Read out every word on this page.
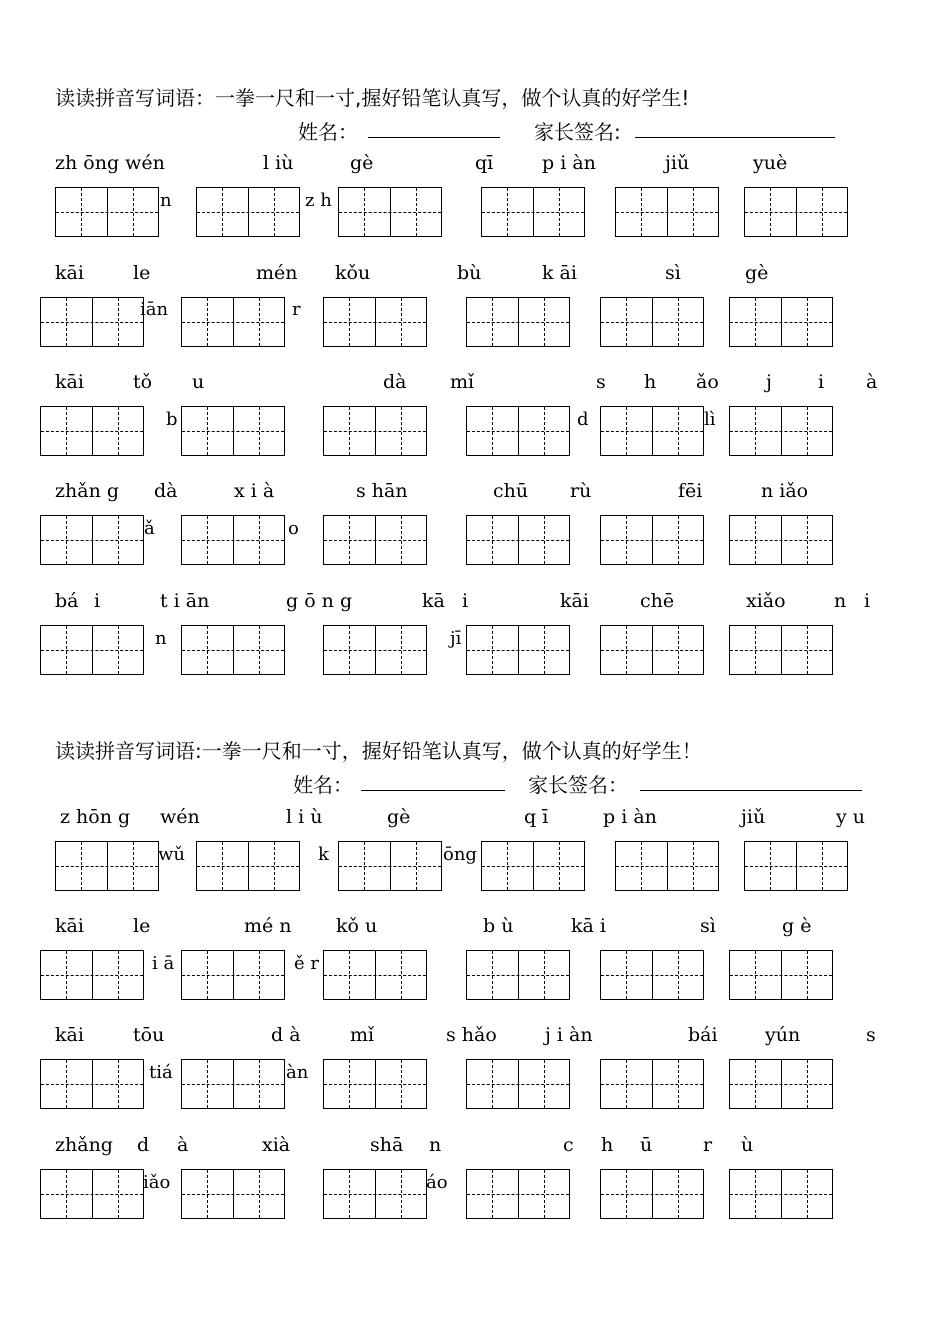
读读拼音写词语：一拳一尺和一寸,握好铅笔认真写，做个认真的好学生!
姓名：	家长签名:
zh ōng wén	l iù	gè	qī	p i àn	jiǔ	yuè
n	z h
kāi	le	mén kǒu	bù	k āi	sì	gè
iān	r
kāi	tǒ u	dà mǐ	s h ǎo j i à
b	d	lì
zhǎn g dà	x i à	s hān	chū rù	fēi	n iǎo
ǎ	o
bá i	t i ān	g ō n g	kā i	kāi	chē	xiǎo	n i
n	jī
读读拼音写词语:一拳一尺和一寸，握好铅笔认真写，做个认真的好学生！
姓名：	家长签名：
z hōn g wén	l i ù	gè	q ī	p i àn	jiǔ	y u
wǔ	k	ōng
kāi	le	mé n kǒ u	b ù	kā i	sì	g è
i ā	ě r
kāi	tōu	d à	mǐ	s hǎo	j i àn	bái yún	s
tiá	àn
zhǎng d à	xià	shā n	c h ū	r ù
iǎo	áo
